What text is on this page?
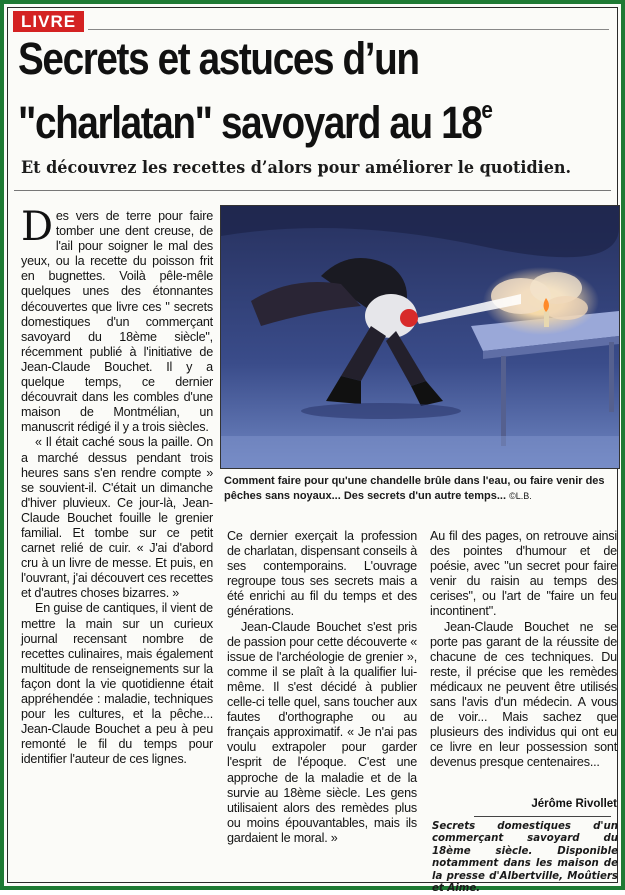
LIVRE
Secrets et astuces d’un
"charlatan" savoyard au 18e

Et découvrez les recettes d’alors pour améliorer le quotidien.

Des vers de terre pour faire tomber une dent creuse, de l'ail pour soigner le mal des yeux, ou la recette du poisson frit en bugnettes. Voilà pêle-mêle quelques unes des étonnantes découvertes que livre ces " secrets domestiques d'un commerçant savoyard du 18ème siècle", récemment publié à l'initiative de Jean-Claude Bouchet. Il y a quelque temps, ce dernier découvrait dans les combles d'une maison de Montmélian, un manuscrit rédigé il y a trois siècles.

« Il était caché sous la paille. On a marché dessus pendant trois heures sans s'en rendre compte » se souvient-il. C'était un dimanche d'hiver pluvieux. Ce jour-là, Jean-Claude Bouchet fouille le grenier familial. Et tombe sur ce petit carnet relié de cuir. « J'ai d'abord cru à un livre de messe. Et puis, en l'ouvrant, j'ai découvert ces recettes et d'autres choses bizarres. »

En guise de cantiques, il vient de mettre la main sur un curieux journal recensant nombre de recettes culinaires, mais également multitude de renseignements sur la façon dont la vie quotidienne était appréhendée : maladie, techniques pour les cultures, et la pêche... Jean-Claude Bouchet a peu à peu remonté le fil du temps pour identifier l'auteur de ces lignes.

Comment faire pour qu'une chandelle brûle dans l'eau, ou faire venir des pêches sans noyaux... Des secrets d'un autre temps... ©L.B.

Ce dernier exerçait la profession de charlatan, dispensant conseils à ses contemporains. L'ouvrage regroupe tous ses secrets mais a été enrichi au fil du temps et des générations.

Jean-Claude Bouchet s'est pris de passion pour cette découverte « issue de l'archéologie de grenier », comme il se plaît à la qualifier lui-même. Il s'est décidé à publier celle-ci telle quel, sans toucher aux fautes d'orthographe ou au français approximatif. « Je n'ai pas voulu extrapoler pour garder l'esprit de l'époque. C'est une approche de la maladie et de la survie au 18ème siècle. Les gens utilisaient alors des remèdes plus ou moins épouvantables, mais ils gardaient le moral. »

Au fil des pages, on retrouve ainsi des pointes d'humour et de poésie, avec "un secret pour faire venir du raisin au temps des cerises", ou l'art de "faire un feu incontinent".

Jean-Claude Bouchet ne se porte pas garant de la réussite de chacune de ces techniques. Du reste, il précise que les remèdes médicaux ne peuvent être utilisés sans l'avis d'un médecin. A vous de voir... Mais sachez que plusieurs des individus qui ont eu ce livre en leur possession sont devenus presque centenaires...

Jérôme Rivollet

Secrets domestiques d'un commerçant savoyard du 18ème siècle. Disponible notamment dans les maison de la presse d'Albertville, Moûtiers et Aime.
